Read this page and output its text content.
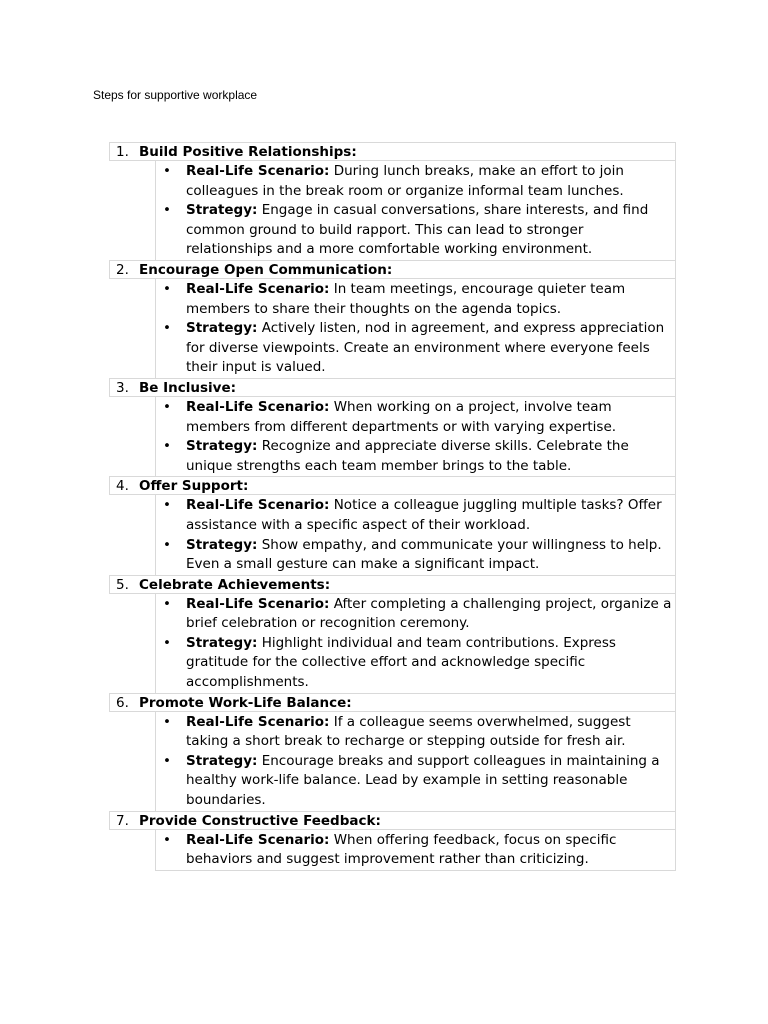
Steps for supportive workplace
1. Build Positive Relationships:
• Real-Life Scenario: During lunch breaks, make an effort to join colleagues in the break room or organize informal team lunches.
• Strategy: Engage in casual conversations, share interests, and find common ground to build rapport. This can lead to stronger relationships and a more comfortable working environment.
2. Encourage Open Communication:
• Real-Life Scenario: In team meetings, encourage quieter team members to share their thoughts on the agenda topics.
• Strategy: Actively listen, nod in agreement, and express appreciation for diverse viewpoints. Create an environment where everyone feels their input is valued.
3. Be Inclusive:
• Real-Life Scenario: When working on a project, involve team members from different departments or with varying expertise.
• Strategy: Recognize and appreciate diverse skills. Celebrate the unique strengths each team member brings to the table.
4. Offer Support:
• Real-Life Scenario: Notice a colleague juggling multiple tasks? Offer assistance with a specific aspect of their workload.
• Strategy: Show empathy, and communicate your willingness to help. Even a small gesture can make a significant impact.
5. Celebrate Achievements:
• Real-Life Scenario: After completing a challenging project, organize a brief celebration or recognition ceremony.
• Strategy: Highlight individual and team contributions. Express gratitude for the collective effort and acknowledge specific accomplishments.
6. Promote Work-Life Balance:
• Real-Life Scenario: If a colleague seems overwhelmed, suggest taking a short break to recharge or stepping outside for fresh air.
• Strategy: Encourage breaks and support colleagues in maintaining a healthy work-life balance. Lead by example in setting reasonable boundaries.
7. Provide Constructive Feedback:
• Real-Life Scenario: When offering feedback, focus on specific behaviors and suggest improvement rather than criticizing.
